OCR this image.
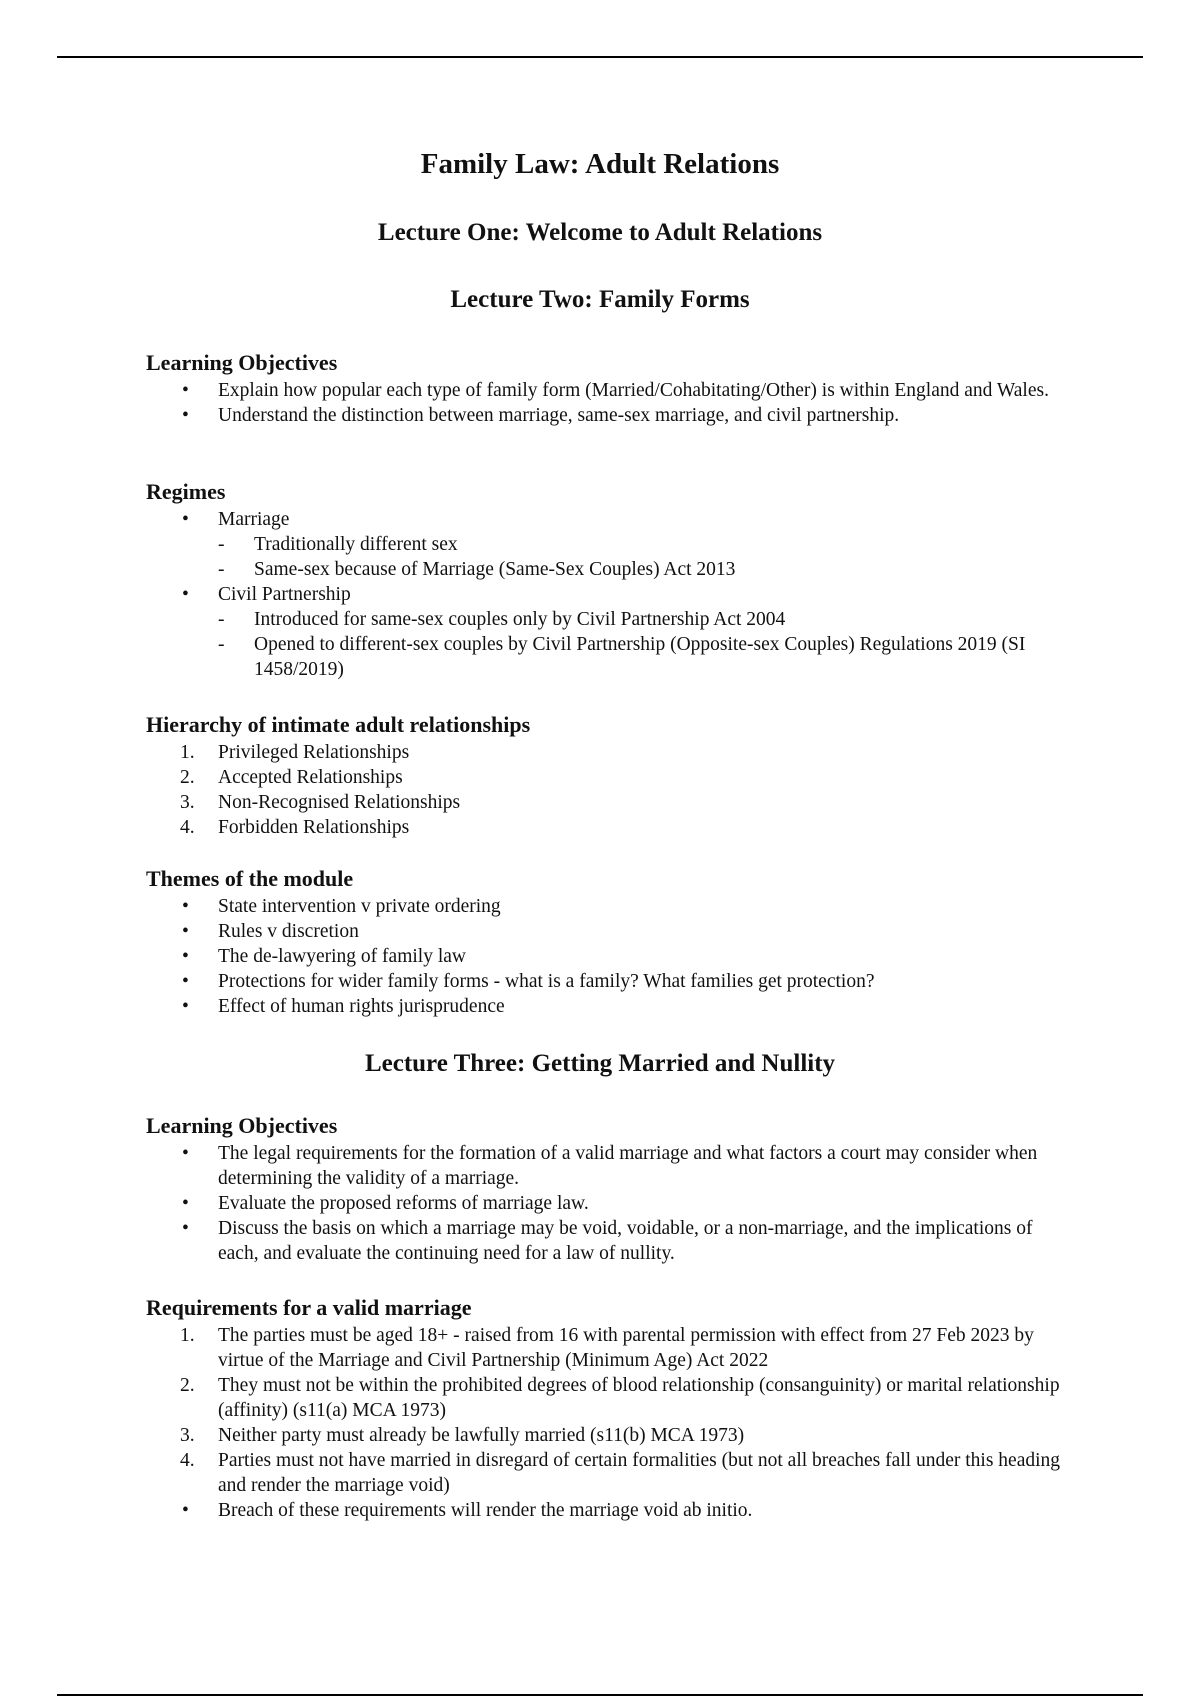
Family Law: Adult Relations
Lecture One: Welcome to Adult Relations
Lecture Two: Family Forms
Learning Objectives
•	Explain how popular each type of family form (Married/Cohabitating/Other) is within England and Wales.
•	Understand the distinction between marriage, same-sex marriage, and civil partnership.
Regimes
•	Marriage
- Traditionally different sex
- Same-sex because of Marriage (Same-Sex Couples) Act 2013
•	Civil Partnership
- Introduced for same-sex couples only by Civil Partnership Act 2004
- Opened to different-sex couples by Civil Partnership (Opposite-sex Couples) Regulations 2019 (SI 1458/2019)
Hierarchy of intimate adult relationships
1.	Privileged Relationships
2.	Accepted Relationships
3.	Non-Recognised Relationships
4.	Forbidden Relationships
Themes of the module
•	State intervention v private ordering
•	Rules v discretion
•	The de-lawyering of family law
•	Protections for wider family forms - what is a family? What families get protection?
•	Effect of human rights jurisprudence
Lecture Three: Getting Married and Nullity
Learning Objectives
•	The legal requirements for the formation of a valid marriage and what factors a court may consider when determining the validity of a marriage.
•	Evaluate the proposed reforms of marriage law.
•	Discuss the basis on which a marriage may be void, voidable, or a non-marriage, and the implications of each, and evaluate the continuing need for a law of nullity.
Requirements for a valid marriage
1.	The parties must be aged 18+ - raised from 16 with parental permission with effect from 27 Feb 2023 by virtue of the Marriage and Civil Partnership (Minimum Age) Act 2022
2.	They must not be within the prohibited degrees of blood relationship (consanguinity) or marital relationship (affinity) (s11(a) MCA 1973)
3.	Neither party must already be lawfully married (s11(b) MCA 1973)
4.	Parties must not have married in disregard of certain formalities (but not all breaches fall under this heading and render the marriage void)
•	Breach of these requirements will render the marriage void ab initio.
